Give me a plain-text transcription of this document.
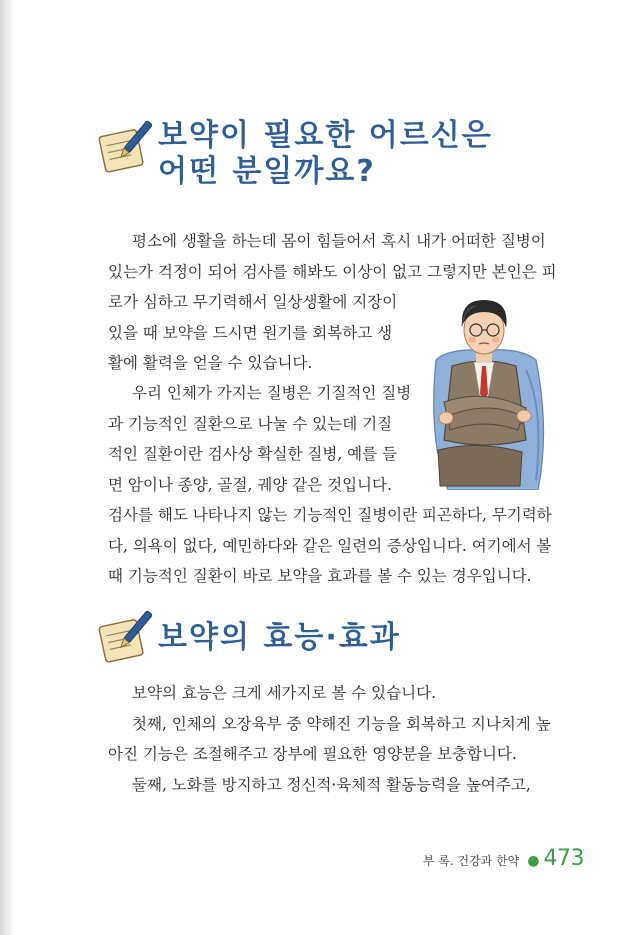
보약이 필요한 어르신은
어떤 분일까요?

평소에 생활을 하는데 몸이 힘들어서 혹시 내가 어떠한 질병이
있는가 걱정이 되어 검사를 해봐도 이상이 없고 그렇지만 본인은 피
로가 심하고 무기력해서 일상생활에 지장이
있을 때 보약을 드시면 원기를 회복하고 생
활에 활력을 얻을 수 있습니다.

우리 인체가 가지는 질병은 기질적인 질병
과 기능적인 질환으로 나눌 수 있는데 기질
적인 질환이란 검사상 확실한 질병, 예를 들
면 암이나 종양, 골절, 궤양 같은 것입니다.
검사를 해도 나타나지 않는 기능적인 질병이란 피곤하다, 무기력하
다, 의욕이 없다, 예민하다와 같은 일련의 증상입니다. 여기에서 볼
때 기능적인 질환이 바로 보약을 효과를 볼 수 있는 경우입니다.

보약의 효능·효과

보약의 효능은 크게 세가지로 볼 수 있습니다.
첫째, 인체의 오장육부 중 약해진 기능을 회복하고 지나치게 높
아진 기능은 조절해주고 장부에 필요한 영양분을 보충합니다.
둘째, 노화를 방지하고 정신적·육체적 활동능력을 높여주고,

부 록. 건강과 한약 ● 473
